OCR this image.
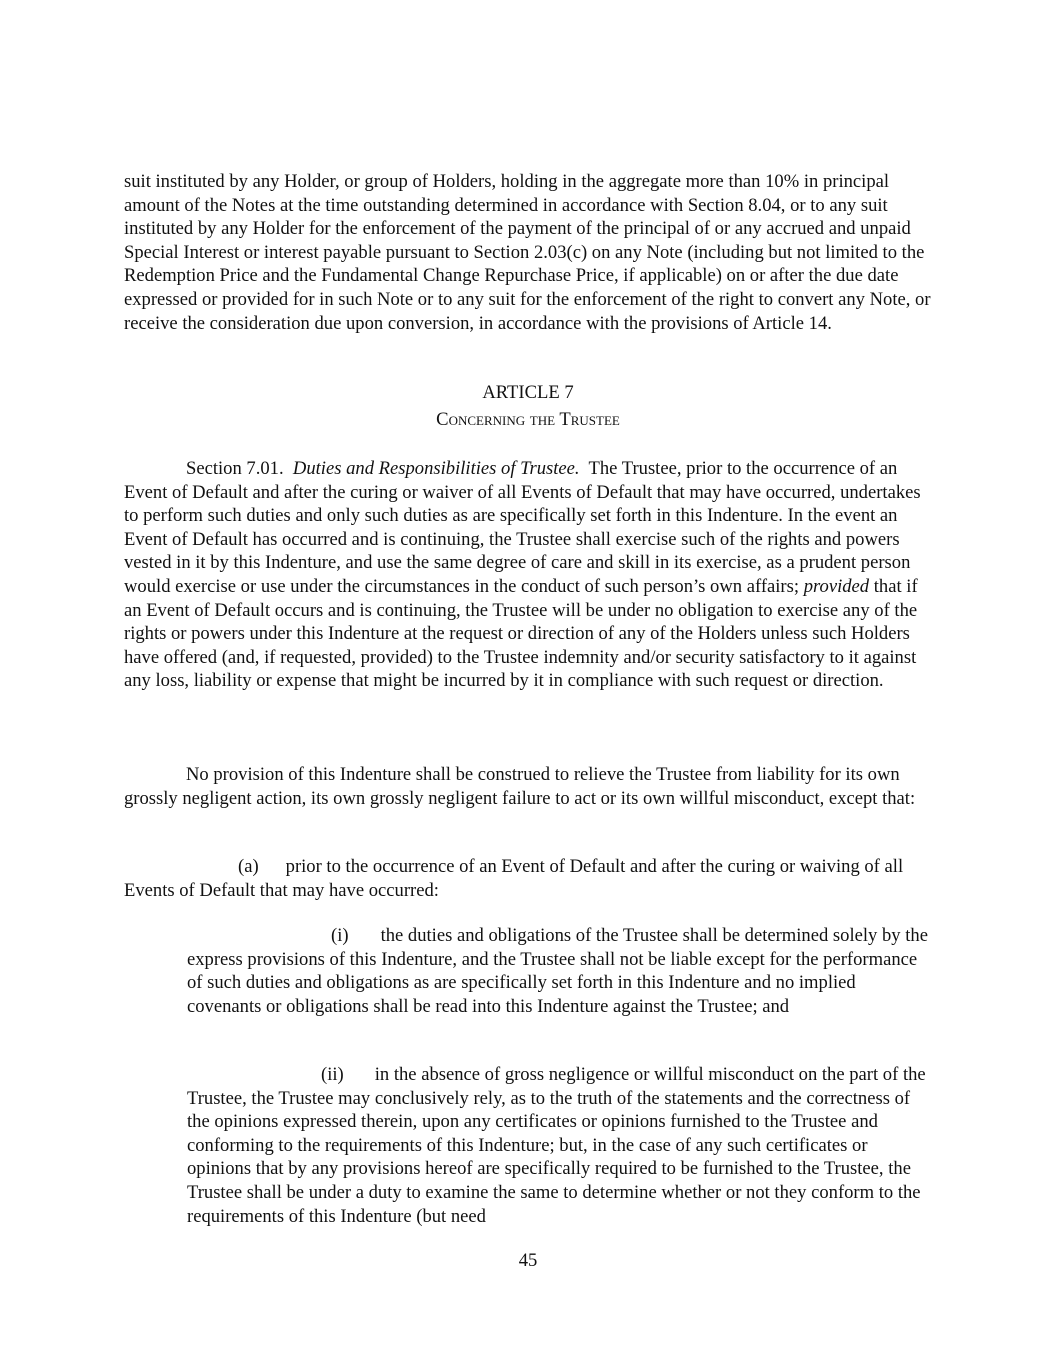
suit instituted by any Holder, or group of Holders, holding in the aggregate more than 10% in principal amount of the Notes at the time outstanding determined in accordance with Section 8.04, or to any suit instituted by any Holder for the enforcement of the payment of the principal of or any accrued and unpaid Special Interest or interest payable pursuant to Section 2.03(c) on any Note (including but not limited to the Redemption Price and the Fundamental Change Repurchase Price, if applicable) on or after the due date expressed or provided for in such Note or to any suit for the enforcement of the right to convert any Note, or receive the consideration due upon conversion, in accordance with the provisions of Article 14.

ARTICLE 7
Concerning the Trustee

Section 7.01. Duties and Responsibilities of Trustee. The Trustee, prior to the occurrence of an Event of Default and after the curing or waiver of all Events of Default that may have occurred, undertakes to perform such duties and only such duties as are specifically set forth in this Indenture. In the event an Event of Default has occurred and is continuing, the Trustee shall exercise such of the rights and powers vested in it by this Indenture, and use the same degree of care and skill in its exercise, as a prudent person would exercise or use under the circumstances in the conduct of such person’s own affairs; provided that if an Event of Default occurs and is continuing, the Trustee will be under no obligation to exercise any of the rights or powers under this Indenture at the request or direction of any of the Holders unless such Holders have offered (and, if requested, provided) to the Trustee indemnity and/or security satisfactory to it against any loss, liability or expense that might be incurred by it in compliance with such request or direction.

No provision of this Indenture shall be construed to relieve the Trustee from liability for its own grossly negligent action, its own grossly negligent failure to act or its own willful misconduct, except that:

(a) prior to the occurrence of an Event of Default and after the curing or waiving of all Events of Default that may have occurred:

(i) the duties and obligations of the Trustee shall be determined solely by the express provisions of this Indenture, and the Trustee shall not be liable except for the performance of such duties and obligations as are specifically set forth in this Indenture and no implied covenants or obligations shall be read into this Indenture against the Trustee; and

(ii) in the absence of gross negligence or willful misconduct on the part of the Trustee, the Trustee may conclusively rely, as to the truth of the statements and the correctness of the opinions expressed therein, upon any certificates or opinions furnished to the Trustee and conforming to the requirements of this Indenture; but, in the case of any such certificates or opinions that by any provisions hereof are specifically required to be furnished to the Trustee, the Trustee shall be under a duty to examine the same to determine whether or not they conform to the requirements of this Indenture (but need

45
